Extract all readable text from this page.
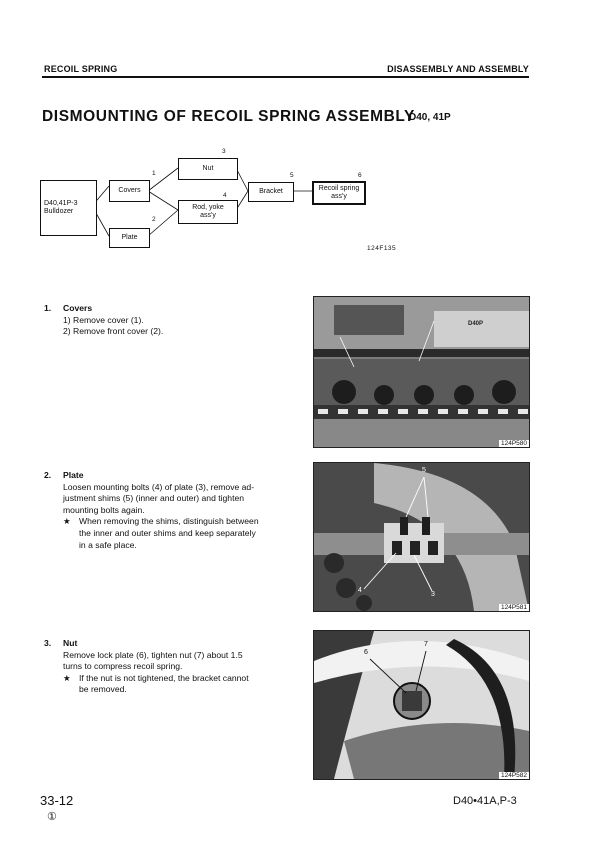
RECOIL SPRING	DISASSEMBLY AND ASSEMBLY
DISMOUNTING OF RECOIL SPRING ASSEMBLY
D40, 41P
D40,41P-3
Bulldozer
Covers
Plate
Nut
Rod, yoke
ass'y
Bracket	Recoil spring
ass'y
1
2
3
4
5	6
124F135
1. Covers
1) Remove cover (1).
2) Remove front cover (2).
2. Plate
Loosen mounting bolts (4) of plate (3), remove ad-
justment shims (5) (inner and outer) and tighten
mounting bolts again.
★ When removing the shims, distinguish between
the inner and outer shims and keep separately
in a safe place.
3. Nut
Remove lock plate (6), tighten nut (7) about 1.5
turns to compress recoil spring.
★ If the nut is not tightened, the bracket cannot
be removed.
D40P
124P580
5
4
3
124P581
6
7
124P582
33-12
①
D40•41A,P-3
